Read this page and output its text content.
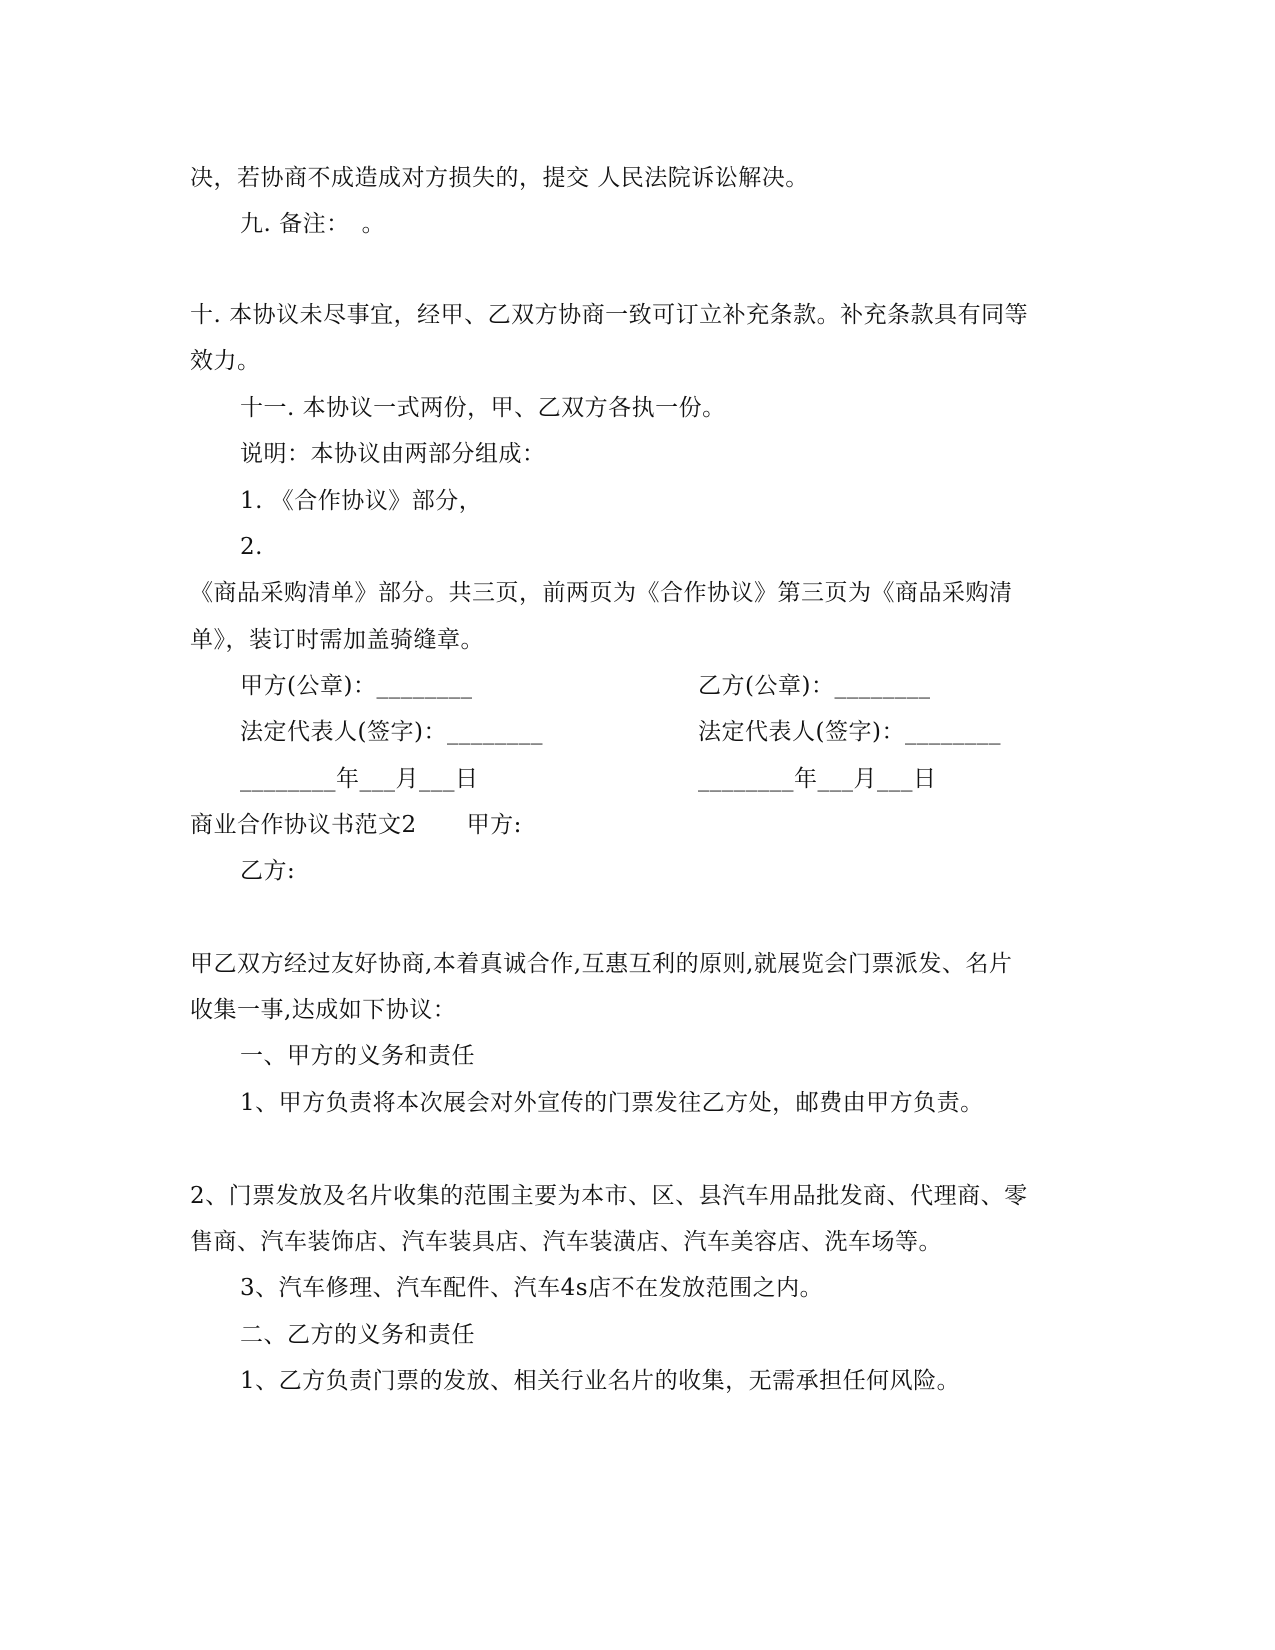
决，若协商不成造成对方损失的，提交 人民法院诉讼解决。
九. 备注：　。
十. 本协议未尽事宜，经甲、乙双方协商一致可订立补充条款。补充条款具有同等
效力。
十一. 本协议一式两份，甲、乙双方各执一份。
说明：本协议由两部分组成：
1. 《合作协议》部分，
2.
《商品采购清单》部分。共三页，前两页为《合作协议》第三页为《商品采购清
单》，装订时需加盖骑缝章。
甲方(公章)：________	乙方(公章)：________
法定代表人(签字)：________	法定代表人(签字)：________
________年___月___日	________年___月___日
商业合作协议书范文2 甲方:
乙方:
甲乙双方经过友好协商,本着真诚合作,互惠互利的原则,就展览会门票派发、名片
收集一事,达成如下协议：
一、甲方的义务和责任
1、甲方负责将本次展会对外宣传的门票发往乙方处，邮费由甲方负责。
2、门票发放及名片收集的范围主要为本市、区、县汽车用品批发商、代理商、零
售商、汽车装饰店、汽车装具店、汽车装潢店、汽车美容店、洗车场等。
3、汽车修理、汽车配件、汽车4s店不在发放范围之内。
二、乙方的义务和责任
1、乙方负责门票的发放、相关行业名片的收集，无需承担任何风险。
